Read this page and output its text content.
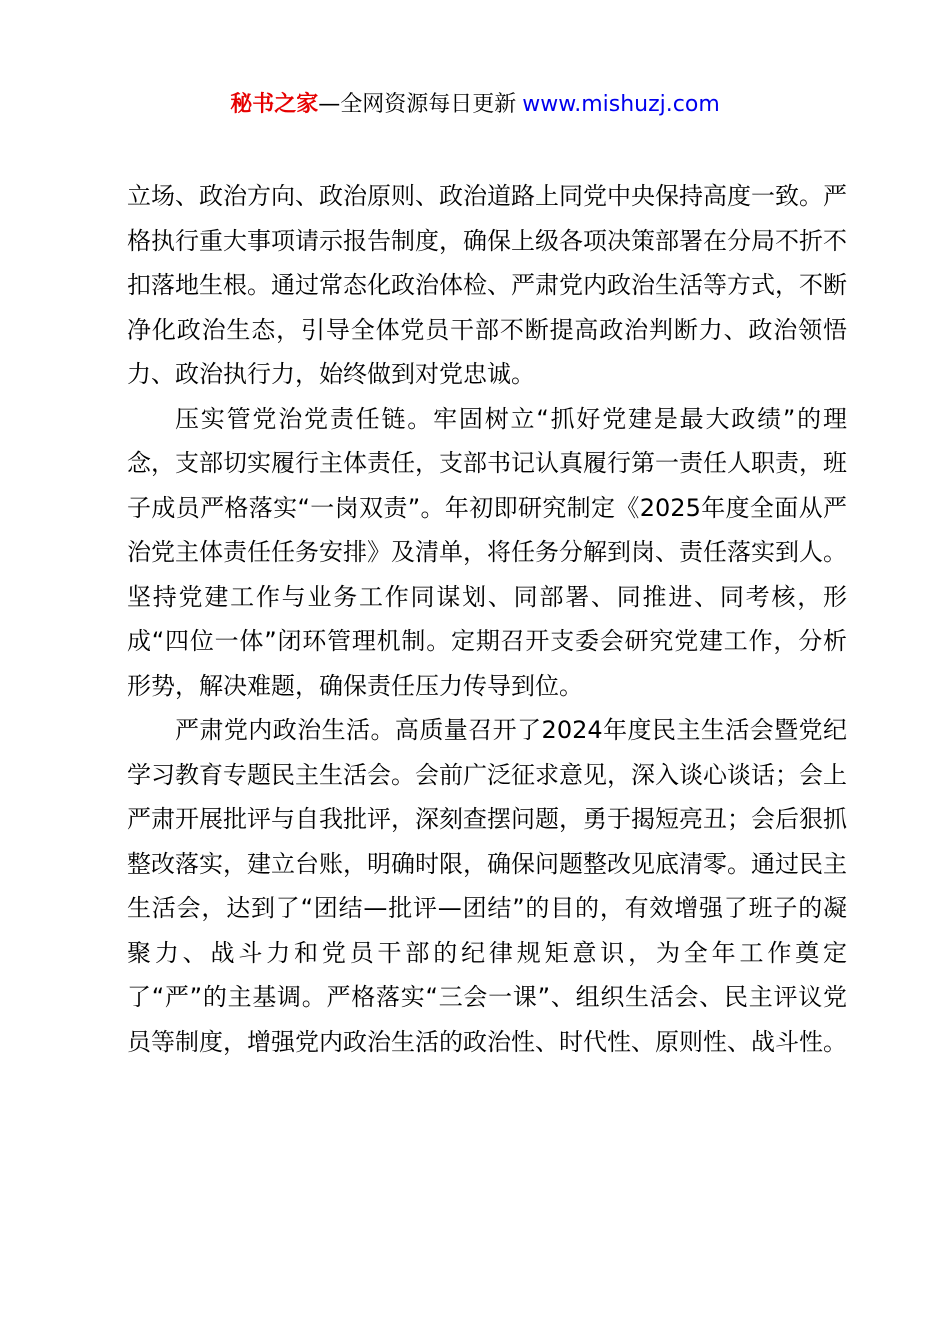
秘书之家—全网资源每日更新 www.mishuzj.com

立场、政治方向、政治原则、政治道路上同党中央保持高度一致。严格执行重大事项请示报告制度，确保上级各项决策部署在分局不折不扣落地生根。通过常态化政治体检、严肃党内政治生活等方式，不断净化政治生态，引导全体党员干部不断提高政治判断力、政治领悟力、政治执行力，始终做到对党忠诚。

压实管党治党责任链。牢固树立“抓好党建是最大政绩”的理念，支部切实履行主体责任，支部书记认真履行第一责任人职责，班子成员严格落实“一岗双责”。年初即研究制定《2025年度全面从严治党主体责任任务安排》及清单，将任务分解到岗、责任落实到人。坚持党建工作与业务工作同谋划、同部署、同推进、同考核，形成“四位一体”闭环管理机制。定期召开支委会研究党建工作，分析形势，解决难题，确保责任压力传导到位。

严肃党内政治生活。高质量召开了2024年度民主生活会暨党纪学习教育专题民主生活会。会前广泛征求意见，深入谈心谈话；会上严肃开展批评与自我批评，深刻查摆问题，勇于揭短亮丑；会后狠抓整改落实，建立台账，明确时限，确保问题整改见底清零。通过民主生活会，达到了“团结—批评—团结”的目的，有效增强了班子的凝聚力、战斗力和党员干部的纪律规矩意识，为全年工作奠定了“严”的主基调。严格落实“三会一课”、组织生活会、民主评议党员等制度，增强党内政治生活的政治性、时代性、原则性、战斗性。
